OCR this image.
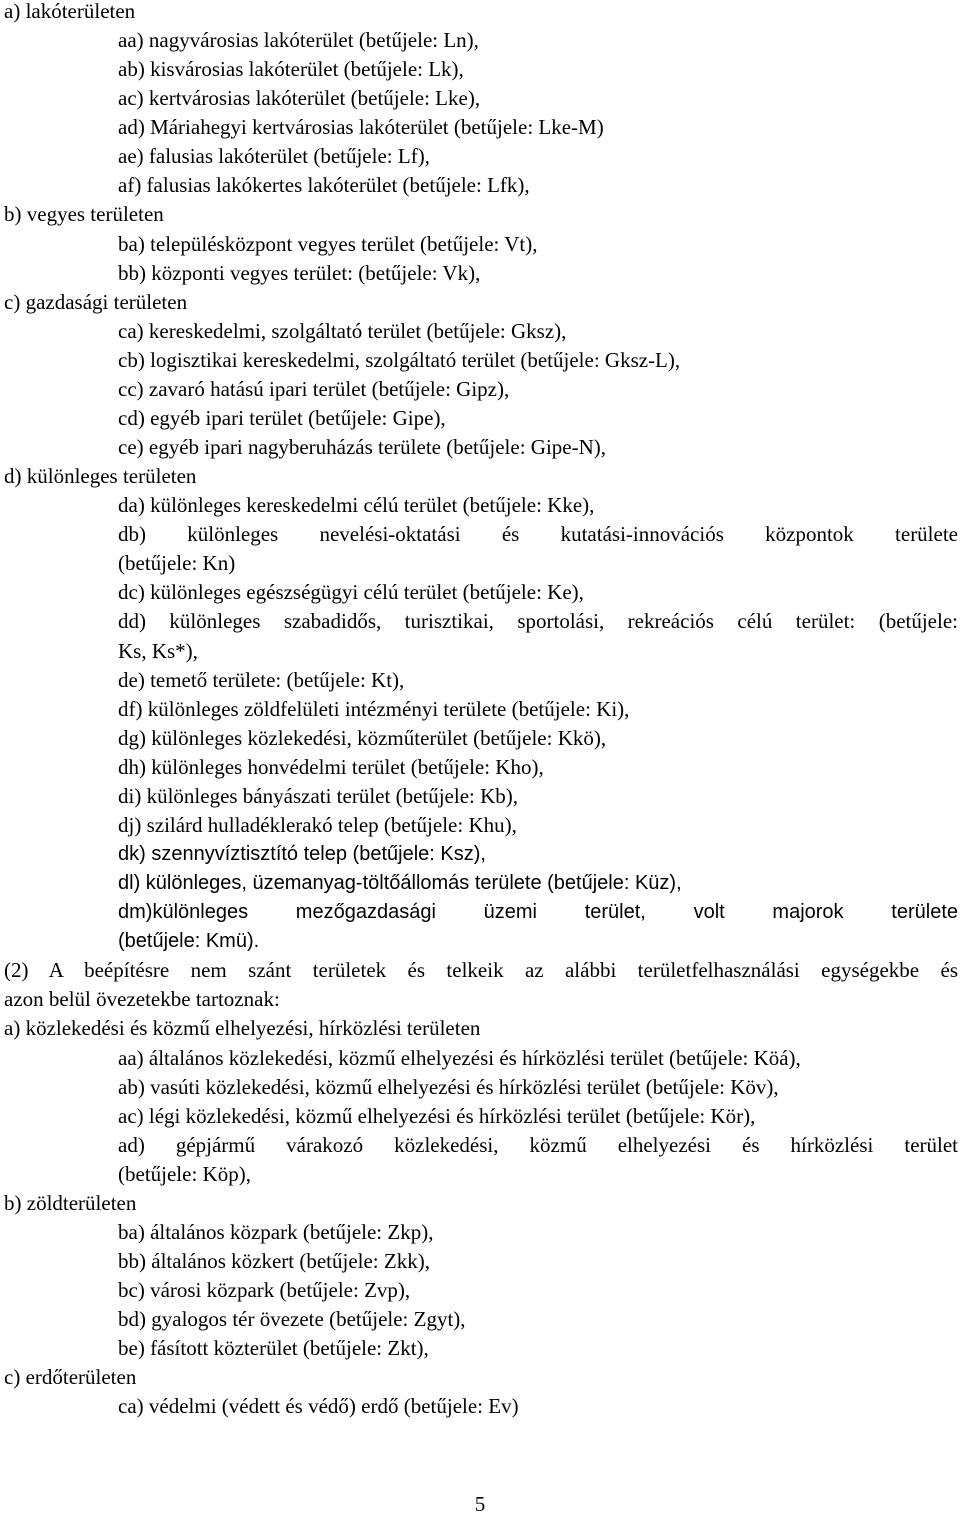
a) lakóterületen

aa) nagyvárosias lakóterület (betűjele: Ln),

ab) kisvárosias lakóterület (betűjele: Lk),

ac) kertvárosias lakóterület (betűjele: Lke),

ad) Máriahegyi kertvárosias lakóterület (betűjele: Lke-M)

ae) falusias lakóterület (betűjele: Lf),

af) falusias lakókertes lakóterület (betűjele: Lfk),

b) vegyes területen

ba) településközpont vegyes terület (betűjele: Vt),

bb) központi vegyes terület: (betűjele: Vk),

c) gazdasági területen

ca) kereskedelmi, szolgáltató terület (betűjele: Gksz),

cb) logisztikai kereskedelmi, szolgáltató terület (betűjele: Gksz-L),

cc) zavaró hatású ipari terület (betűjele: Gipz),

cd) egyéb ipari terület (betűjele: Gipe),

ce) egyéb ipari nagyberuházás területe (betűjele: Gipe-N),

d) különleges területen

da) különleges kereskedelmi célú terület (betűjele: Kke),

db) különleges nevelési-oktatási és kutatási-innovációs központok területe

(betűjele: Kn)

dc) különleges egészségügyi célú terület (betűjele: Ke),

dd) különleges szabadidős, turisztikai, sportolási, rekreációs célú terület: (betűjele:

Ks, Ks*),

de) temető területe: (betűjele: Kt),

df) különleges zöldfelületi intézményi területe (betűjele: Ki),

dg) különleges közlekedési, közműterület (betűjele: Kkö),

dh) különleges honvédelmi terület (betűjele: Kho),

di) különleges bányászati terület (betűjele: Kb),

dj) szilárd hulladéklerakó telep (betűjele: Khu),

dk) szennyvíztisztító telep (betűjele: Ksz),

dl) különleges, üzemanyag-töltőállomás területe (betűjele: Küz),

dm)különleges mezőgazdasági üzemi terület, volt majorok területe

(betűjele: Kmü).

(2) A beépítésre nem szánt területek és telkeik az alábbi területfelhasználási egységekbe és

azon belül övezetekbe tartoznak:

a) közlekedési és közmű elhelyezési, hírközlési területen

aa) általános közlekedési, közmű elhelyezési és hírközlési terület (betűjele: Köá),

ab) vasúti közlekedési, közmű elhelyezési és hírközlési terület (betűjele: Köv),

ac) légi közlekedési, közmű elhelyezési és hírközlési terület (betűjele: Kör),

ad) gépjármű várakozó közlekedési, közmű elhelyezési és hírközlési terület

(betűjele: Köp),

b) zöldterületen

ba) általános közpark (betűjele: Zkp),

bb) általános közkert (betűjele: Zkk),

bc) városi közpark (betűjele: Zvp),

bd) gyalogos tér övezete (betűjele: Zgyt),

be) fásított közterület (betűjele: Zkt),

c) erdőterületen

ca) védelmi (védett és védő) erdő (betűjele: Ev)

5
